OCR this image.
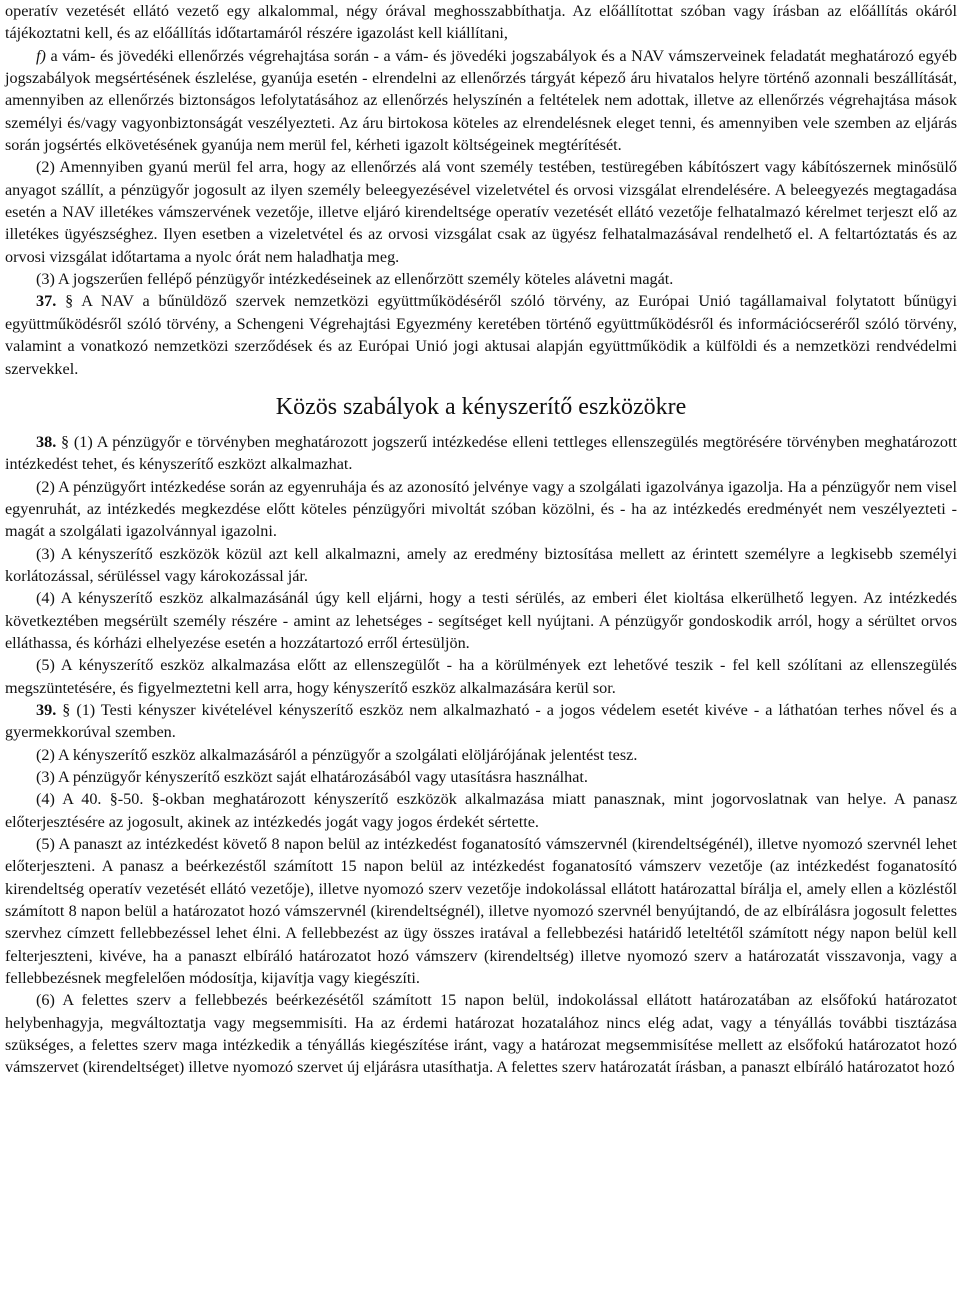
operatív vezetését ellátó vezető egy alkalommal, négy órával meghosszabbíthatja. Az előállítottat szóban vagy írásban az előállítás okáról tájékoztatni kell, és az előállítás időtartamáról részére igazolást kell kiállítani,

f) a vám- és jövedéki ellenőrzés végrehajtása során - a vám- és jövedéki jogszabályok és a NAV vámszerveinek feladatát meghatározó egyéb jogszabályok megsértésének észlelése, gyanúja esetén - elrendelni az ellenőrzés tárgyát képező áru hivatalos helyre történő azonnali beszállítását, amennyiben az ellenőrzés biztonságos lefolytatásához az ellenőrzés helyszínén a feltételek nem adottak, illetve az ellenőrzés végrehajtása mások személyi és/vagy vagyonbiztonságát veszélyezteti. Az áru birtokosa köteles az elrendelésnek eleget tenni, és amennyiben vele szemben az eljárás során jogsértés elkövetésének gyanúja nem merül fel, kérheti igazolt költségeinek megtérítését.

(2) Amennyiben gyanú merül fel arra, hogy az ellenőrzés alá vont személy testében, testüregében kábítószert vagy kábítószernek minősülő anyagot szállít, a pénzügyőr jogosult az ilyen személy beleegyezésével vizeletvétel és orvosi vizsgálat elrendelésére. A beleegyezés megtagadása esetén a NAV illetékes vámszervének vezetője, illetve eljáró kirendeltsége operatív vezetését ellátó vezetője felhatalmazó kérelmet terjeszt elő az illetékes ügyészséghez. Ilyen esetben a vizeletvétel és az orvosi vizsgálat csak az ügyész felhatalmazásával rendelhető el. A feltartóztatás és az orvosi vizsgálat időtartama a nyolc órát nem haladhatja meg.

(3) A jogszerűen fellépő pénzügyőr intézkedéseinek az ellenőrzött személy köteles alávetni magát.

37. § A NAV a bűnüldöző szervek nemzetközi együttműködéséről szóló törvény, az Európai Unió tagállamaival folytatott bűnügyi együttműködésről szóló törvény, a Schengeni Végrehajtási Egyezmény keretében történő együttműködésről és információcseréről szóló törvény, valamint a vonatkozó nemzetközi szerződések és az Európai Unió jogi aktusai alapján együttműködik a külföldi és a nemzetközi rendvédelmi szervekkel.

Közös szabályok a kényszerítő eszközökre

38. § (1) A pénzügyőr e törvényben meghatározott jogszerű intézkedése elleni tettleges ellenszegülés megtörésére törvényben meghatározott intézkedést tehet, és kényszerítő eszközt alkalmazhat.

(2) A pénzügyőrt intézkedése során az egyenruhája és az azonosító jelvénye vagy a szolgálati igazolványa igazolja. Ha a pénzügyőr nem visel egyenruhát, az intézkedés megkezdése előtt köteles pénzügyőri mivoltát szóban közölni, és - ha az intézkedés eredményét nem veszélyezteti - magát a szolgálati igazolvánnyal igazolni.

(3) A kényszerítő eszközök közül azt kell alkalmazni, amely az eredmény biztosítása mellett az érintett személyre a legkisebb személyi korlátozással, sérüléssel vagy károkozással jár.

(4) A kényszerítő eszköz alkalmazásánál úgy kell eljárni, hogy a testi sérülés, az emberi élet kioltása elkerülhető legyen. Az intézkedés következtében megsérült személy részére - amint az lehetséges - segítséget kell nyújtani. A pénzügyőr gondoskodik arról, hogy a sérültet orvos elláthassa, és kórházi elhelyezése esetén a hozzátartozó erről értesüljön.

(5) A kényszerítő eszköz alkalmazása előtt az ellenszegülőt - ha a körülmények ezt lehetővé teszik - fel kell szólítani az ellenszegülés megszüntetésére, és figyelmeztetni kell arra, hogy kényszerítő eszköz alkalmazására kerül sor.

39. § (1) Testi kényszer kivételével kényszerítő eszköz nem alkalmazható - a jogos védelem esetét kivéve - a láthatóan terhes nővel és a gyermekkorúval szemben.

(2) A kényszerítő eszköz alkalmazásáról a pénzügyőr a szolgálati elöljárójának jelentést tesz.

(3) A pénzügyőr kényszerítő eszközt saját elhatározásából vagy utasításra használhat.

(4) A 40. §-50. §-okban meghatározott kényszerítő eszközök alkalmazása miatt panasznak, mint jogorvoslatnak van helye. A panasz előterjesztésére az jogosult, akinek az intézkedés jogát vagy jogos érdekét sértette.

(5) A panaszt az intézkedést követő 8 napon belül az intézkedést foganatosító vámszervnél (kirendeltségénél), illetve nyomozó szervnél lehet előterjeszteni. A panasz a beérkezéstől számított 15 napon belül az intézkedést foganatosító vámszerv vezetője (az intézkedést foganatosító kirendeltség operatív vezetését ellátó vezetője), illetve nyomozó szerv vezetője indokolással ellátott határozattal bírálja el, amely ellen a közléstől számított 8 napon belül a határozatot hozó vámszervnél (kirendeltségnél), illetve nyomozó szervnél benyújtandó, de az elbírálásra jogosult felettes szervhez címzett fellebbezéssel lehet élni. A fellebbezést az ügy összes iratával a fellebbezési határidő leteltétől számított négy napon belül kell felterjeszteni, kivéve, ha a panaszt elbíráló határozatot hozó vámszerv (kirendeltség) illetve nyomozó szerv a határozatát visszavonja, vagy a fellebbezésnek megfelelően módosítja, kijavítja vagy kiegészíti.

(6) A felettes szerv a fellebbezés beérkezésétől számított 15 napon belül, indokolással ellátott határozatában az elsőfokú határozatot helybenhagyja, megváltoztatja vagy megsemmisíti. Ha az érdemi határozat hozatalához nincs elég adat, vagy a tényállás további tisztázása szükséges, a felettes szerv maga intézkedik a tényállás kiegészítése iránt, vagy a határozat megsemmisítése mellett az elsőfokú határozatot hozó vámszervet (kirendeltséget) illetve nyomozó szervet új eljárásra utasíthatja. A felettes szerv határozatát írásban, a panaszt elbíráló határozatot hozó
